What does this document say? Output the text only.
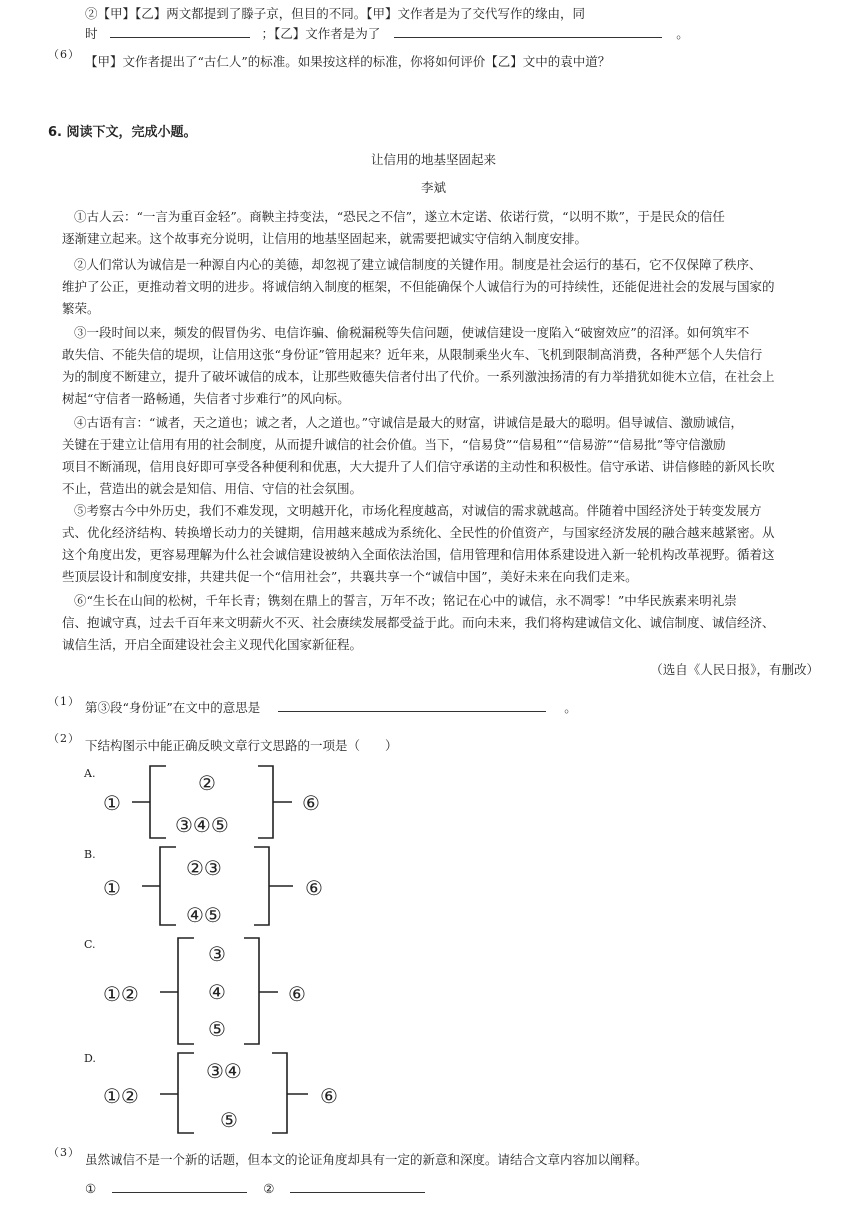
②【甲】【乙】两文都提到了滕子京，但目的不同。【甲】文作者是为了交代写作的缘由，同
时	；【乙】文作者是为了	。
（6） 【甲】文作者提出了“古仁人”的标准。如果按这样的标准，你将如何评价【乙】文中的袁中道？
6. 阅读下文，完成小题。
让信用的地基坚固起来
李斌
①古人云：“一言为重百金轻”。商鞅主持变法，“恐民之不信”，遂立木定诺、依诺行赏，“以明不欺”，于是民众的信任
逐渐建立起来。这个故事充分说明，让信用的地基坚固起来，就需要把诚实守信纳入制度安排。
②人们常认为诚信是一种源自内心的美德，却忽视了建立诚信制度的关键作用。制度是社会运行的基石，它不仅保障了秩序、
维护了公正，更推动着文明的进步。将诚信纳入制度的框架，不但能确保个人诚信行为的可持续性，还能促进社会的发展与国家的
繁荣。
③一段时间以来，频发的假冒伪劣、电信诈骗、偷税漏税等失信问题，使诚信建设一度陷入“破窗效应”的沼泽。如何筑牢不
敢失信、不能失信的堤坝，让信用这张“身份证”管用起来？近年来，从限制乘坐火车、飞机到限制高消费，各种严惩个人失信行
为的制度不断建立，提升了破坏诚信的成本，让那些败德失信者付出了代价。一系列激浊扬清的有力举措犹如徙木立信，在社会上
树起“守信者一路畅通，失信者寸步难行”的风向标。
④古语有言：“诚者，天之道也；诚之者，人之道也。”守诚信是最大的财富，讲诚信是最大的聪明。倡导诚信、激励诚信，
关键在于建立让信用有用的社会制度，从而提升诚信的社会价值。当下，“信易贷”“信易租”“信易游”“信易批”等守信激励
项目不断涌现，信用良好即可享受各种便利和优惠，大大提升了人们信守承诺的主动性和积极性。信守承诺、讲信修睦的新风长吹
不止，营造出的就会是知信、用信、守信的社会氛围。
⑤考察古今中外历史，我们不难发现，文明越开化，市场化程度越高，对诚信的需求就越高。伴随着中国经济处于转变发展方
式、优化经济结构、转换增长动力的关键期，信用越来越成为系统化、全民性的价值资产，与国家经济发展的融合越来越紧密。从
这个角度出发，更容易理解为什么社会诚信建设被纳入全面依法治国，信用管理和信用体系建设进入新一轮机构改革视野。循着这
些顶层设计和制度安排，共建共促一个“信用社会”，共襄共享一个“诚信中国”，美好未来在向我们走来。
⑥“生长在山间的松树，千年长青；镌刻在鼎上的誓言，万年不改；铭记在心中的诚信，永不凋零！”中华民族素来明礼崇
信、抱诚守真，过去千百年来文明薪火不灭、社会赓续发展都受益于此。而向未来，我们将构建诚信文化、诚信制度、诚信经济、
诚信生活，开启全面建设社会主义现代化国家新征程。
（选自《人民日报》，有删改）
（1） 第③段“身份证”在文中的意思是	。
（2） 下结构图示中能正确反映文章行文思路的一项是（　　）
A.
①
②
③④⑤
⑥
B.
①
②③
④⑤
⑥
C.
①②
③
④
⑤
⑥
D.
①②
③④
⑤
⑥
（3） 虽然诚信不是一个新的话题，但本文的论证角度却具有一定的新意和深度。请结合文章内容加以阐释。
①	②
